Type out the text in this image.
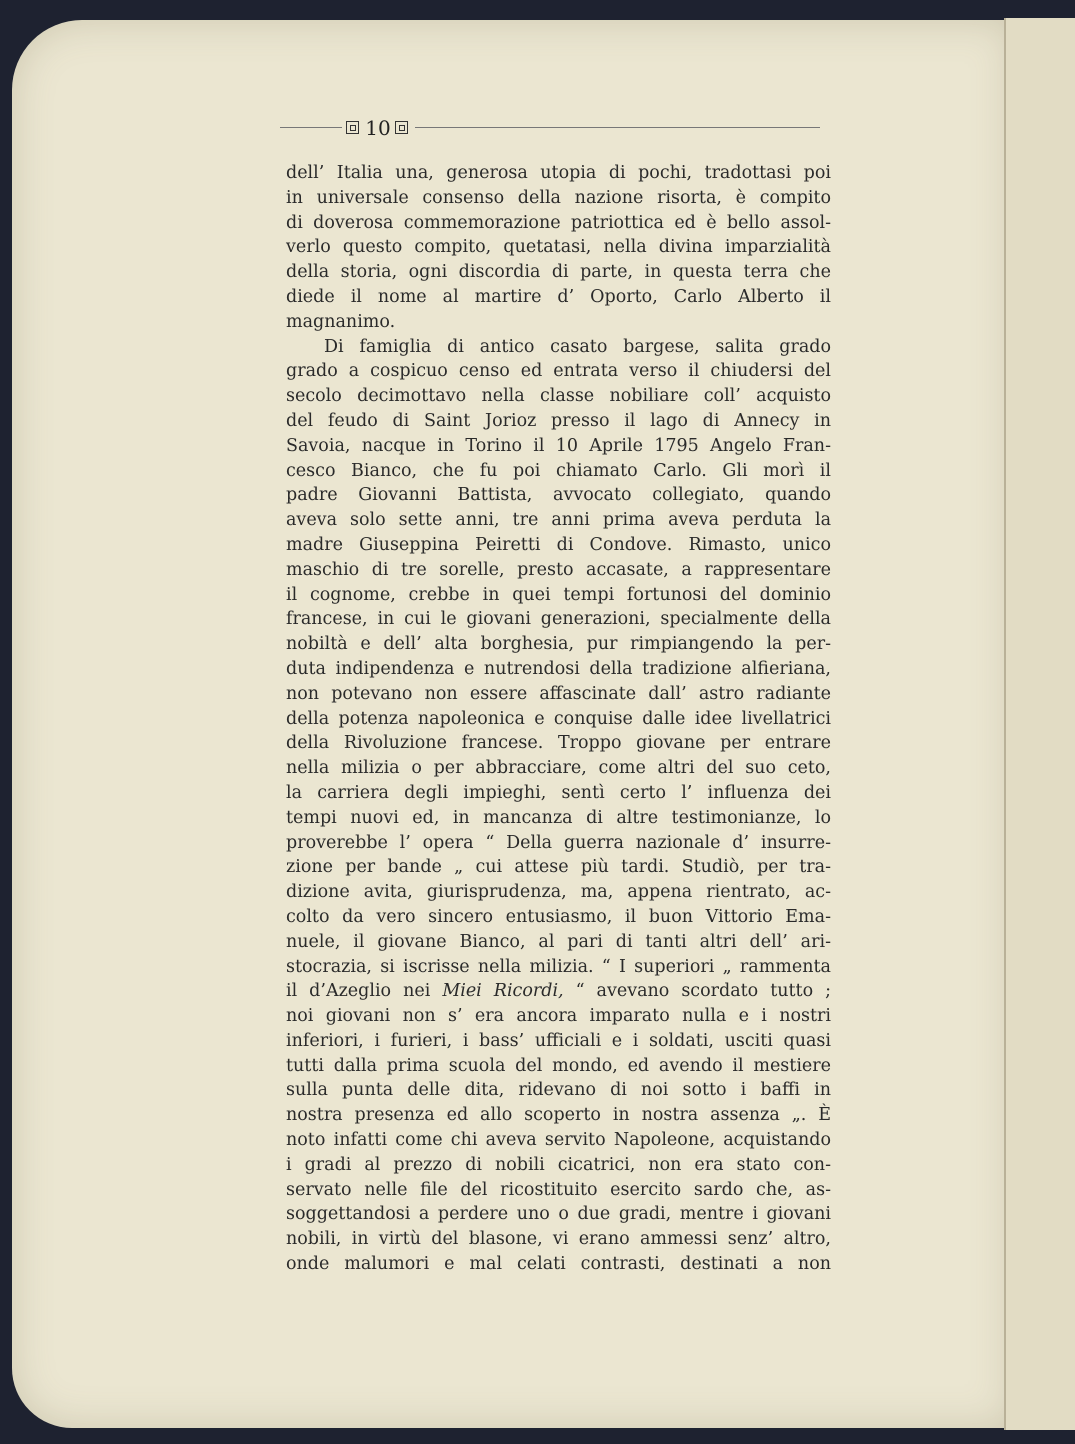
10
dell’ Italia una, generosa utopia di pochi, tradottasi poi
in universale consenso della nazione risorta, è compito
di doverosa commemorazione patriottica ed è bello assol-
verlo questo compito, quetatasi, nella divina imparzialità
della storia, ogni discordia di parte, in questa terra che
diede il nome al martire d’ Oporto, Carlo Alberto il
magnanimo.
Di famiglia di antico casato bargese, salita grado
grado a cospicuo censo ed entrata verso il chiudersi del
secolo decimottavo nella classe nobiliare coll’ acquisto
del feudo di Saint Jorioz presso il lago di Annecy in
Savoia, nacque in Torino il 10 Aprile 1795 Angelo Fran-
cesco Bianco, che fu poi chiamato Carlo. Gli morì il
padre Giovanni Battista, avvocato collegiato, quando
aveva solo sette anni, tre anni prima aveva perduta la
madre Giuseppina Peiretti di Condove. Rimasto, unico
maschio di tre sorelle, presto accasate, a rappresentare
il cognome, crebbe in quei tempi fortunosi del dominio
francese, in cui le giovani generazioni, specialmente della
nobiltà e dell’ alta borghesia, pur rimpiangendo la per-
duta indipendenza e nutrendosi della tradizione alfieriana,
non potevano non essere affascinate dall’ astro radiante
della potenza napoleonica e conquise dalle idee livellatrici
della Rivoluzione francese. Troppo giovane per entrare
nella milizia o per abbracciare, come altri del suo ceto,
la carriera degli impieghi, sentì certo l’ influenza dei
tempi nuovi ed, in mancanza di altre testimonianze, lo
proverebbe l’ opera “ Della guerra nazionale d’ insurre-
zione per bande „ cui attese più tardi. Studiò, per tra-
dizione avita, giurisprudenza, ma, appena rientrato, ac-
colto da vero sincero entusiasmo, il buon Vittorio Ema-
nuele, il giovane Bianco, al pari di tanti altri dell’ ari-
stocrazia, si iscrisse nella milizia. “ I superiori „ rammenta
il d’Azeglio nei Miei Ricordi, “ avevano scordato tutto ;
noi giovani non s’ era ancora imparato nulla e i nostri
inferiori, i furieri, i bass’ ufficiali e i soldati, usciti quasi
tutti dalla prima scuola del mondo, ed avendo il mestiere
sulla punta delle dita, ridevano di noi sotto i baffi in
nostra presenza ed allo scoperto in nostra assenza „. È
noto infatti come chi aveva servito Napoleone, acquistando
i gradi al prezzo di nobili cicatrici, non era stato con-
servato nelle file del ricostituito esercito sardo che, as-
soggettandosi a perdere uno o due gradi, mentre i giovani
nobili, in virtù del blasone, vi erano ammessi senz’ altro,
onde malumori e mal celati contrasti, destinati a non
